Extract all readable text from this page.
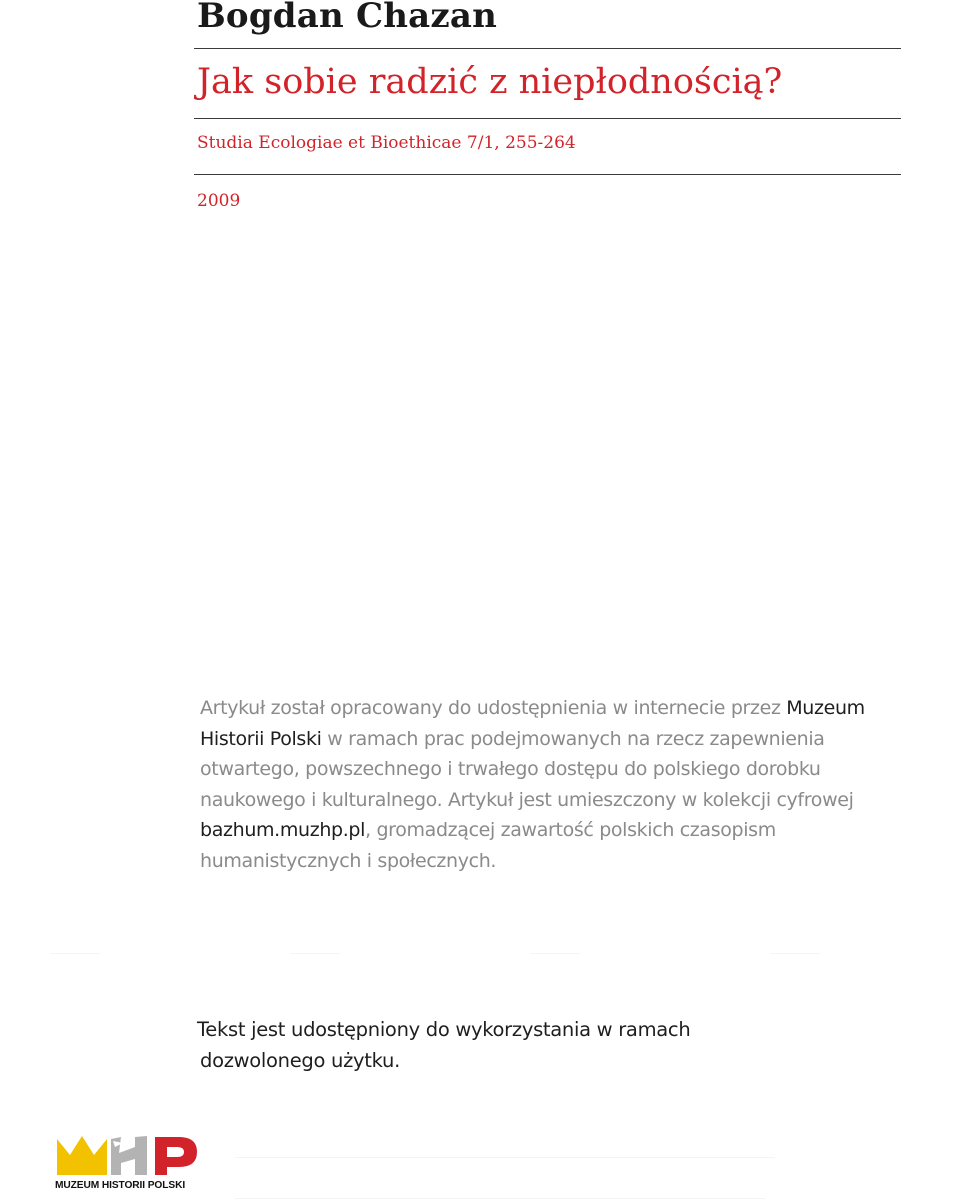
Bogdan Chazan
Jak sobie radzić z niepłodnością?
Studia Ecologiae et Bioethicae 7/1, 255-264
2009
Artykuł został opracowany do udostępnienia w internecie przez Muzeum Historii Polski w ramach prac podejmowanych na rzecz zapewnienia otwartego, powszechnego i trwałego dostępu do polskiego dorobku naukowego i kulturalnego. Artykuł jest umieszczony w kolekcji cyfrowej bazhum.muzhp.pl, gromadzącej zawartość polskich czasopism humanistycznych i społecznych.
Tekst jest udostępniony do wykorzystania w ramach
dozwolonego użytku.
MUZEUM HISTORII POLSKI
